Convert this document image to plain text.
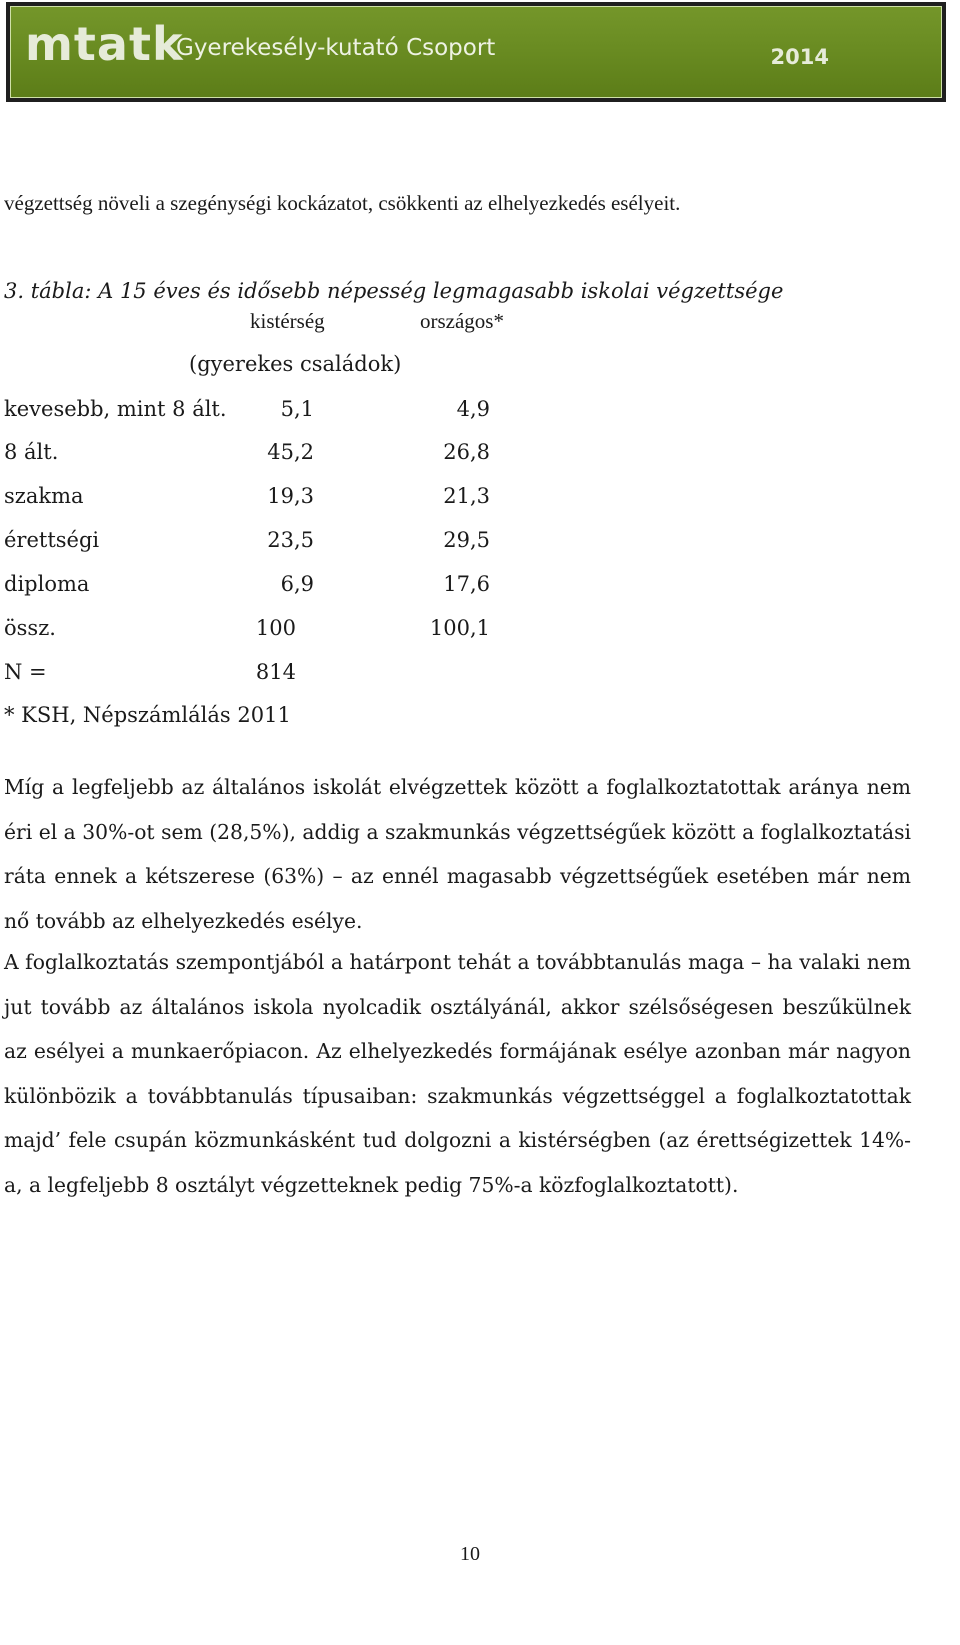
mtatk
Gyerekesély-kutató Csoport	2014
végzettség növeli a szegénységi kockázatot, csökkenti az elhelyezkedés esélyeit.
3. tábla: A 15 éves és idősebb népesség legmagasabb iskolai végzettsége
kistérség	országos*
(gyerekes családok)
kevesebb, mint 8 ált.	5,1	4,9
8 ált.	45,2	26,8
szakma	19,3	21,3
érettségi	23,5	29,5
diploma	6,9	17,6
össz.	100	100,1
N =	814
* KSH, Népszámlálás 2011

Míg a legfeljebb az általános iskolát elvégzettek között a foglalkoztatottak aránya nem éri el a 30%-ot sem (28,5%), addig a szakmunkás végzettségűek között a foglalkoztatási ráta ennek a kétszerese (63%) – az ennél magasabb végzettségűek esetében már nem nő tovább az elhelyezkedés esélye.

A foglalkoztatás szempontjából a határpont tehát a továbbtanulás maga – ha valaki nem jut tovább az általános iskola nyolcadik osztályánál, akkor szélsőségesen beszűkülnek az esélyei a munkaerőpiacon. Az elhelyezkedés formájának esélye azonban már nagyon különbözik a továbbtanulás típusaiban: szakmunkás végzettséggel a foglalkoztatottak majd’ fele csupán közmunkásként tud dolgozni a kistérségben (az érettségizettek 14%-a, a legfeljebb 8 osztályt végzetteknek pedig 75%-a közfoglalkoztatott).

10
